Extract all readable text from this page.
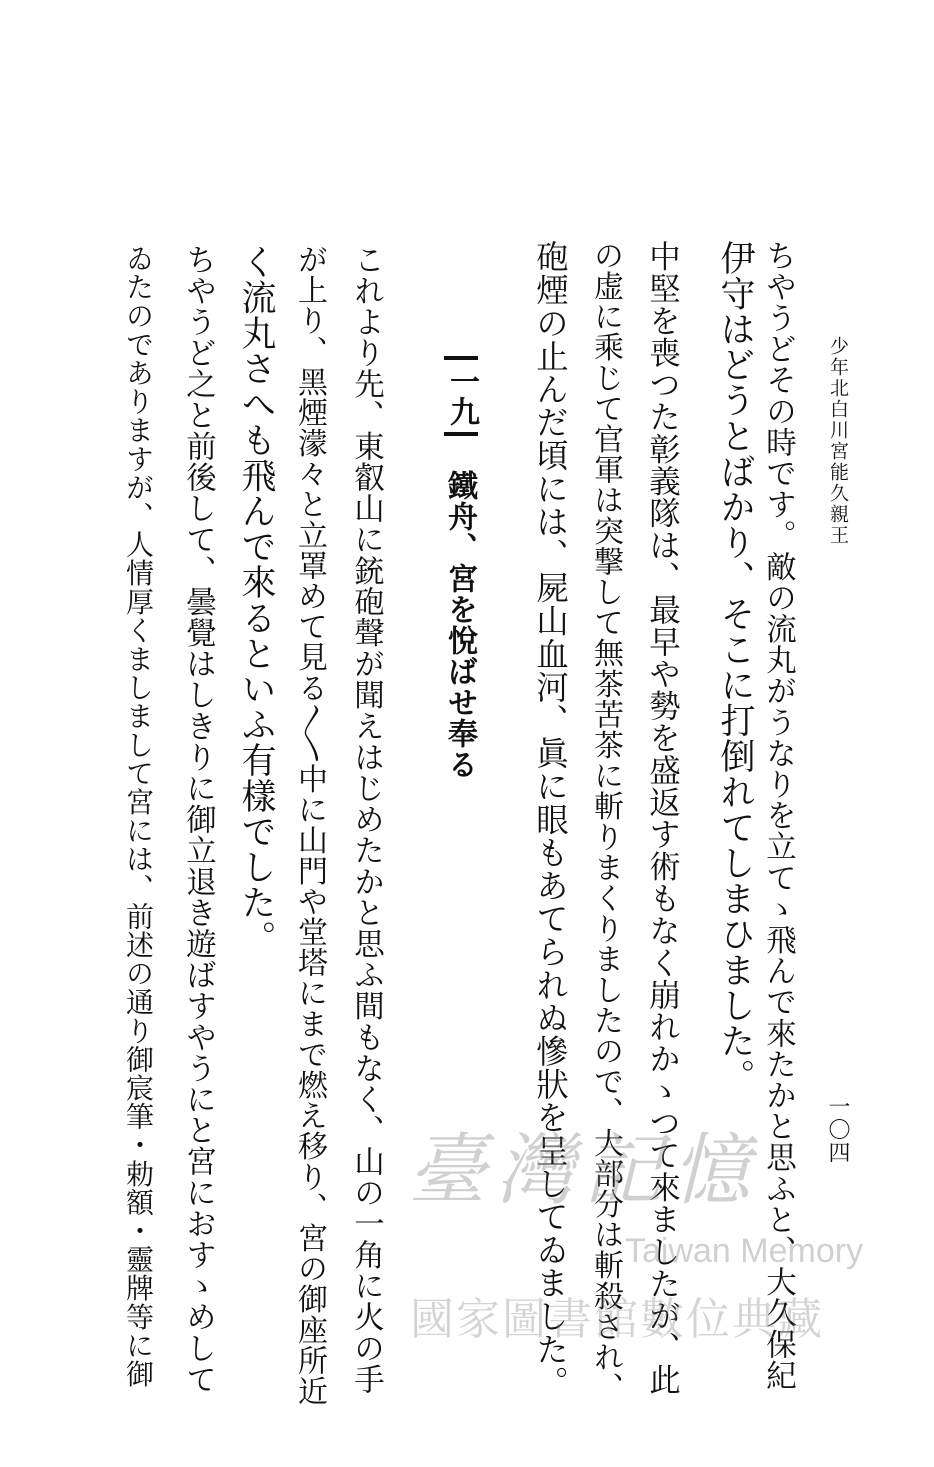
少年北白川宮能久親王
一〇四
ちやうどその時です。敵の流丸がうなりを立てゝ飛んで來たかと思ふと、大久保紀
伊守はどうとばかり、そこに打倒れてしまひました。
中堅を喪つた彰義隊は、最早や勢を盛返す術もなく崩れかゝつて來ましたが、此
の虚に乘じて官軍は突撃して無茶苦茶に斬りまくりましたので、大部分は斬殺され、
砲煙の止んだ頃には、屍山血河、眞に眼もあてられぬ慘狀を呈してゐました。
一九
鐵舟、宮を悅ばせ奉る
これより先、東叡山に銃砲聲が聞えはじめたかと思ふ間もなく、山の一角に火の手
が上り、黑煙濛々と立罩めて見る〳〵中に山門や堂塔にまで燃え移り、宮の御座所近
く流丸さへも飛んで來るといふ有樣でした。
ちやうど之と前後して、曇覺はしきりに御立退き遊ばすやうにと宮におすゝめして
ゐたのでありますが、人情厚くましまして宮には、前述の通り御宸筆・勅額・靈牌等に御	臺灣記憶
Taiwan Memory
國家圖書館數位典藏
